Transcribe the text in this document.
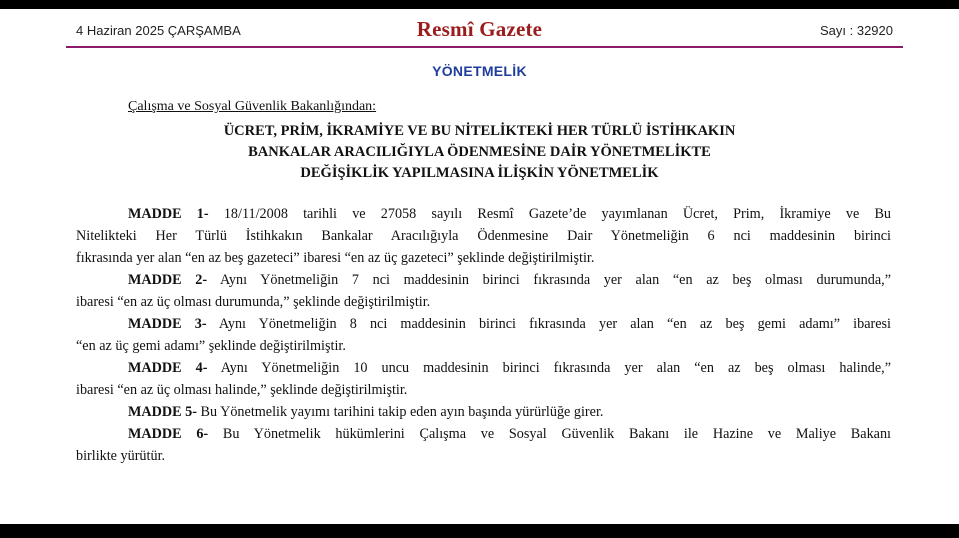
4 Haziran 2025 ÇARŞAMBA	Resmî Gazete	Sayı : 32920
YÖNETMELİK
Çalışma ve Sosyal Güvenlik Bakanlığından:
ÜCRET, PRİM, İKRAMİYE VE BU NİTELİKTEKİ HER TÜRLÜ İSTİHKAKIN
BANKALAR ARACILIĞIYLA ÖDENMESİNE DAİR YÖNETMELİKTE
DEĞİŞİKLİK YAPILMASINA İLİŞKİN YÖNETMELİK
MADDE 1- 18/11/2008 tarihli ve 27058 sayılı Resmî Gazete’de yayımlanan Ücret, Prim, İkramiye ve Bu
Nitelikteki Her Türlü İstihkakın Bankalar Aracılığıyla Ödenmesine Dair Yönetmeliğin 6 nci maddesinin birinci
fıkrasında yer alan “en az beş gazeteci” ibaresi “en az üç gazeteci” şeklinde değiştirilmiştir.
MADDE 2- Aynı Yönetmeliğin 7 nci maddesinin birinci fıkrasında yer alan “en az beş olması durumunda,”
ibaresi “en az üç olması durumunda,” şeklinde değiştirilmiştir.
MADDE 3- Aynı Yönetmeliğin 8 nci maddesinin birinci fıkrasında yer alan “en az beş gemi adamı” ibaresi
“en az üç gemi adamı” şeklinde değiştirilmiştir.
MADDE 4- Aynı Yönetmeliğin 10 uncu maddesinin birinci fıkrasında yer alan “en az beş olması halinde,”
ibaresi “en az üç olması halinde,” şeklinde değiştirilmiştir.
MADDE 5- Bu Yönetmelik yayımı tarihini takip eden ayın başında yürürlüğe girer.
MADDE 6- Bu Yönetmelik hükümlerini Çalışma ve Sosyal Güvenlik Bakanı ile Hazine ve Maliye Bakanı
birlikte yürütür.
